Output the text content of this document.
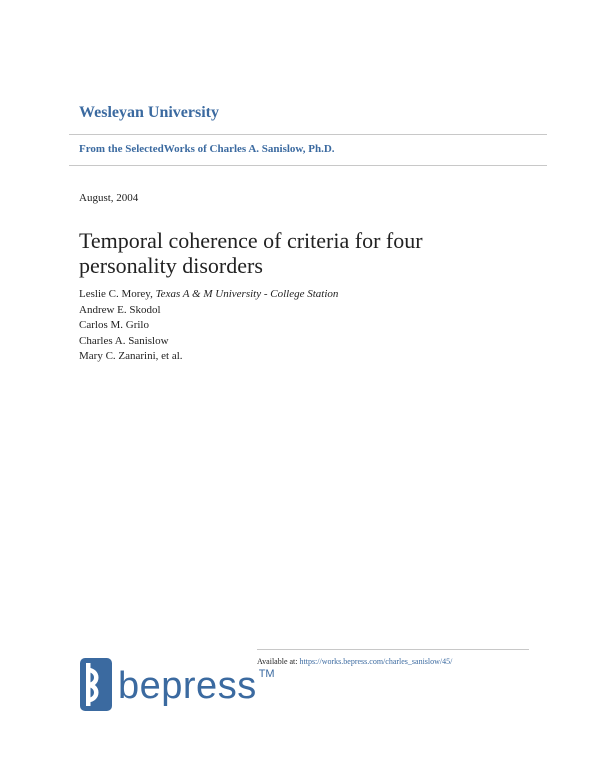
Wesleyan University
From the SelectedWorks of Charles A. Sanislow, Ph.D.
August, 2004
Temporal coherence of criteria for four personality disorders
Leslie C. Morey, Texas A & M University - College Station
Andrew E. Skodol
Carlos M. Grilo
Charles A. Sanislow
Mary C. Zanarini, et al.
bepress TM
Available at: https://works.bepress.com/charles_sanislow/45/
